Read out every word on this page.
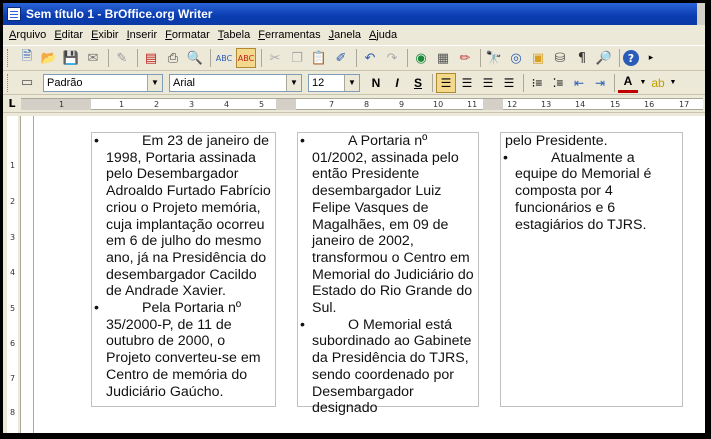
Sem título 1 - BrOffice.org Writer
Arquivo Editar Exibir Inserir Formatar Tabela Ferramentas Janela Ajuda
🗎 📂 💾 ✉	✎	▤ ⎙ 🔍 ABC ABC	✂ ❐ 📋 ✐	↶ ↷	◉ ▦ ✏	🔭 ◎ ▣ ⛁ ¶ 🔎	?	▸
▭	Padrão	▼ Arial	▼ 12	▼	N	I	S	☰ ☰ ☰ ☰	⁝≡ ⁚≡ ⇤ ⇥	A	▼ ab ▼
L	1	1	2	3	4	5	7	8	9	10	11	12	13	14	15	16	17
1
2
3
4
5
6
7
8
•	Em 23 de janeiro de 1998, Portaria assinada pelo Desembargador Adroaldo Furtado Fabrício criou o Projeto memória, cuja implantação ocorreu em 6 de julho do mesmo ano, já na Presidência do desembargador Cacildo de Andrade Xavier.
•	Pela Portaria nº 35/2000-P, de 11 de outubro de 2000, o Projeto converteu-se em Centro de memória do Judiciário Gaúcho.
•	A Portaria nº 01/2002, assinada pelo então Presidente desembargador Luiz Felipe Vasques de Magalhães, em 09 de janeiro de 2002, transformou o Centro em Memorial do Judiciário do Estado do Rio Grande do Sul.
•	O Memorial está subordinado ao Gabinete da Presidência do TJRS, sendo coordenado por Desembargador designado
pelo Presidente.
•	Atualmente a equipe do Memorial é composta por 4 funcionários e 6 estagiários do TJRS.
